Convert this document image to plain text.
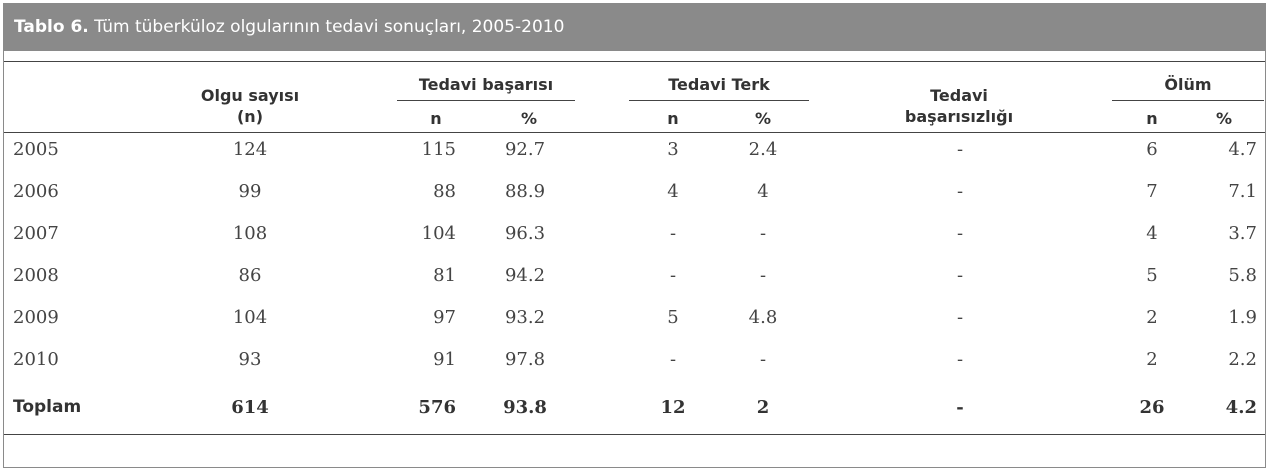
Tablo 6. Tüm tüberküloz olgularının tedavi sonuçları, 2005-2010
Olgu sayısı
(n)
Tedavi başarısı
n	%
Tedavi Terk
n	%
Tedavi
başarısızlığı
Ölüm
n	%
2005	124	115	92.7	3	2.4	-	6	4.7
2006	99	88	88.9	4	4	-	7	7.1
2007	108	104	96.3	-	-	-	4	3.7
2008	86	81	94.2	-	-	-	5	5.8
2009	104	97	93.2	5	4.8	-	2	1.9
2010	93	91	97.8	-	-	-	2	2.2
Toplam	614	576	93.8	12	2	-	26	4.2
